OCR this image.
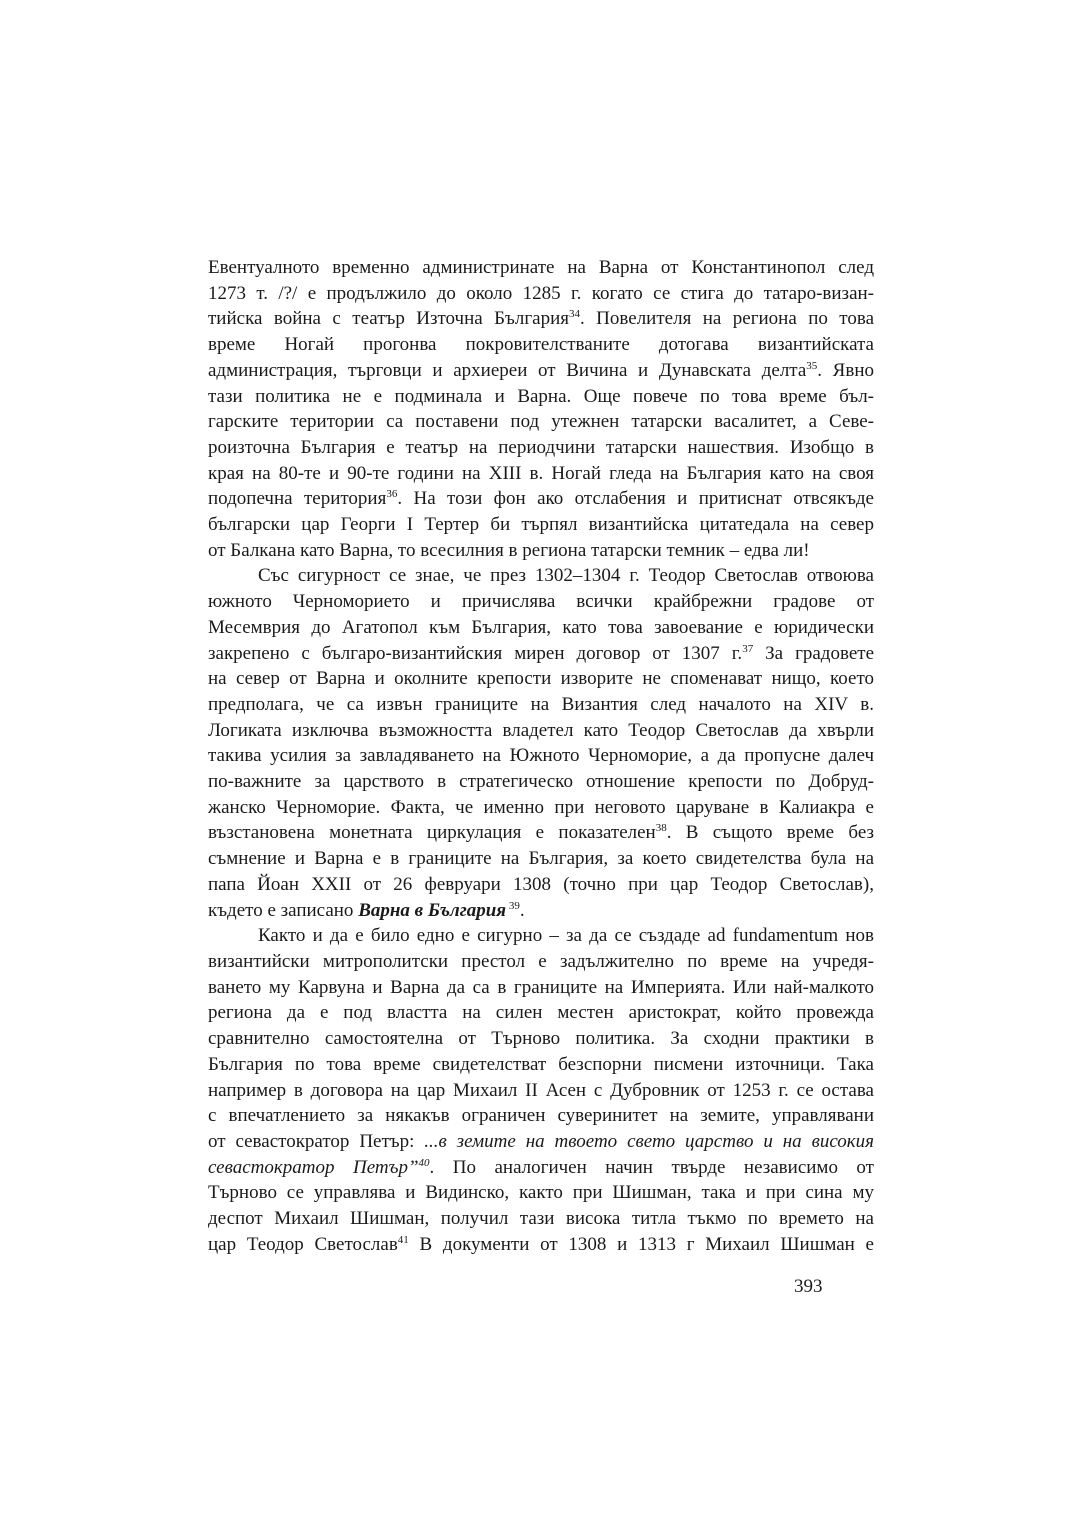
Евентуалното временно администринате на Варна от Константинопол след
1273 т. /?/ е продължило до около 1285 г. когато се стига до татаро-визан-
тийска война с театър Източна България$^{34}$. Повелителя на региона по това
време Ногай прогонва покровителстваните дотогава византийската
администрация, търговци и архиереи от Вичина и Дунавската делта$^{35}$. Явно
тази политика не е подминала и Варна. Още повече по това време бъл-
гарските територии са поставени под утежнен татарски васалитет, а Севе-
роизточна България е театър на периодчини татарски нашествия. Изобщо в
края на 80-те и 90-те години на XIII в. Ногай гледа на България като на своя
подопечна територия$^{36}$. На този фон ако отслабения и притиснат отвсякъде
български цар Георги I Тертер би търпял византийска цитатедала на север
от Балкана като Варна, то всесилния в региона татарски темник – едва ли!
Със сигурност се знае, че през 1302–1304 г. Теодор Светослав отвоюва
южното Черноморието и причислява всички крайбрежни градове от
Месемврия до Агатопол към България, като това завоевание е юридически
закрепено с българо-византийския мирен договор от 1307 г.$^{37}$ За градовете
на север от Варна и околните крепости изворите не споменават нищо, което
предполага, че са извън границите на Византия след началото на XIV в.
Логиката изключва възможността владетел като Теодор Светослав да хвърли
такива усилия за завладяването на Южното Черноморие, а да пропусне далеч
по-важните за царството в стратегическо отношение крепости по Добруд-
жанско Черноморие. Факта, че именно при неговото царуване в Калиакра е
възстановена монетната циркулация е показателен$^{38}$. В същото време без
съмнение и Варна е в границите на България, за което свидетелства була на
папа Йоан XXII от 26 февруари 1308 (точно при цар Теодор Светослав),
където е записано Варна в България $^{39}$.
Както и да е било едно е сигурно – за да се създаде ad fundamentum нов
византийски митрополитски престол е задължително по време на учредя-
ването му Карвуна и Варна да са в границите на Империята. Или най-малкото
региона да е под властта на силен местен аристократ, който провежда
сравнително самостоятелна от Търново политика. За сходни практики в
България по това време свидетелстват безспорни писмени източници. Така
например в договора на цар Михаил II Асен с Дубровник от 1253 г. се остава
с впечатлението за някакъв ограничен суверинитет на земите, управлявани
от севастократор Петър: ...в земите на твоето свето царство и на високия
севастократор Петър”$^{40}$. По аналогичен начин твърде независимо от
Търново се управлява и Видинско, както при Шишман, така и при сина му
деспот Михаил Шишман, получил тази висока титла тъкмо по времето на
цар Теодор Светослав$^{41}$ В документи от 1308 и 1313 г Михаил Шишман е
393
